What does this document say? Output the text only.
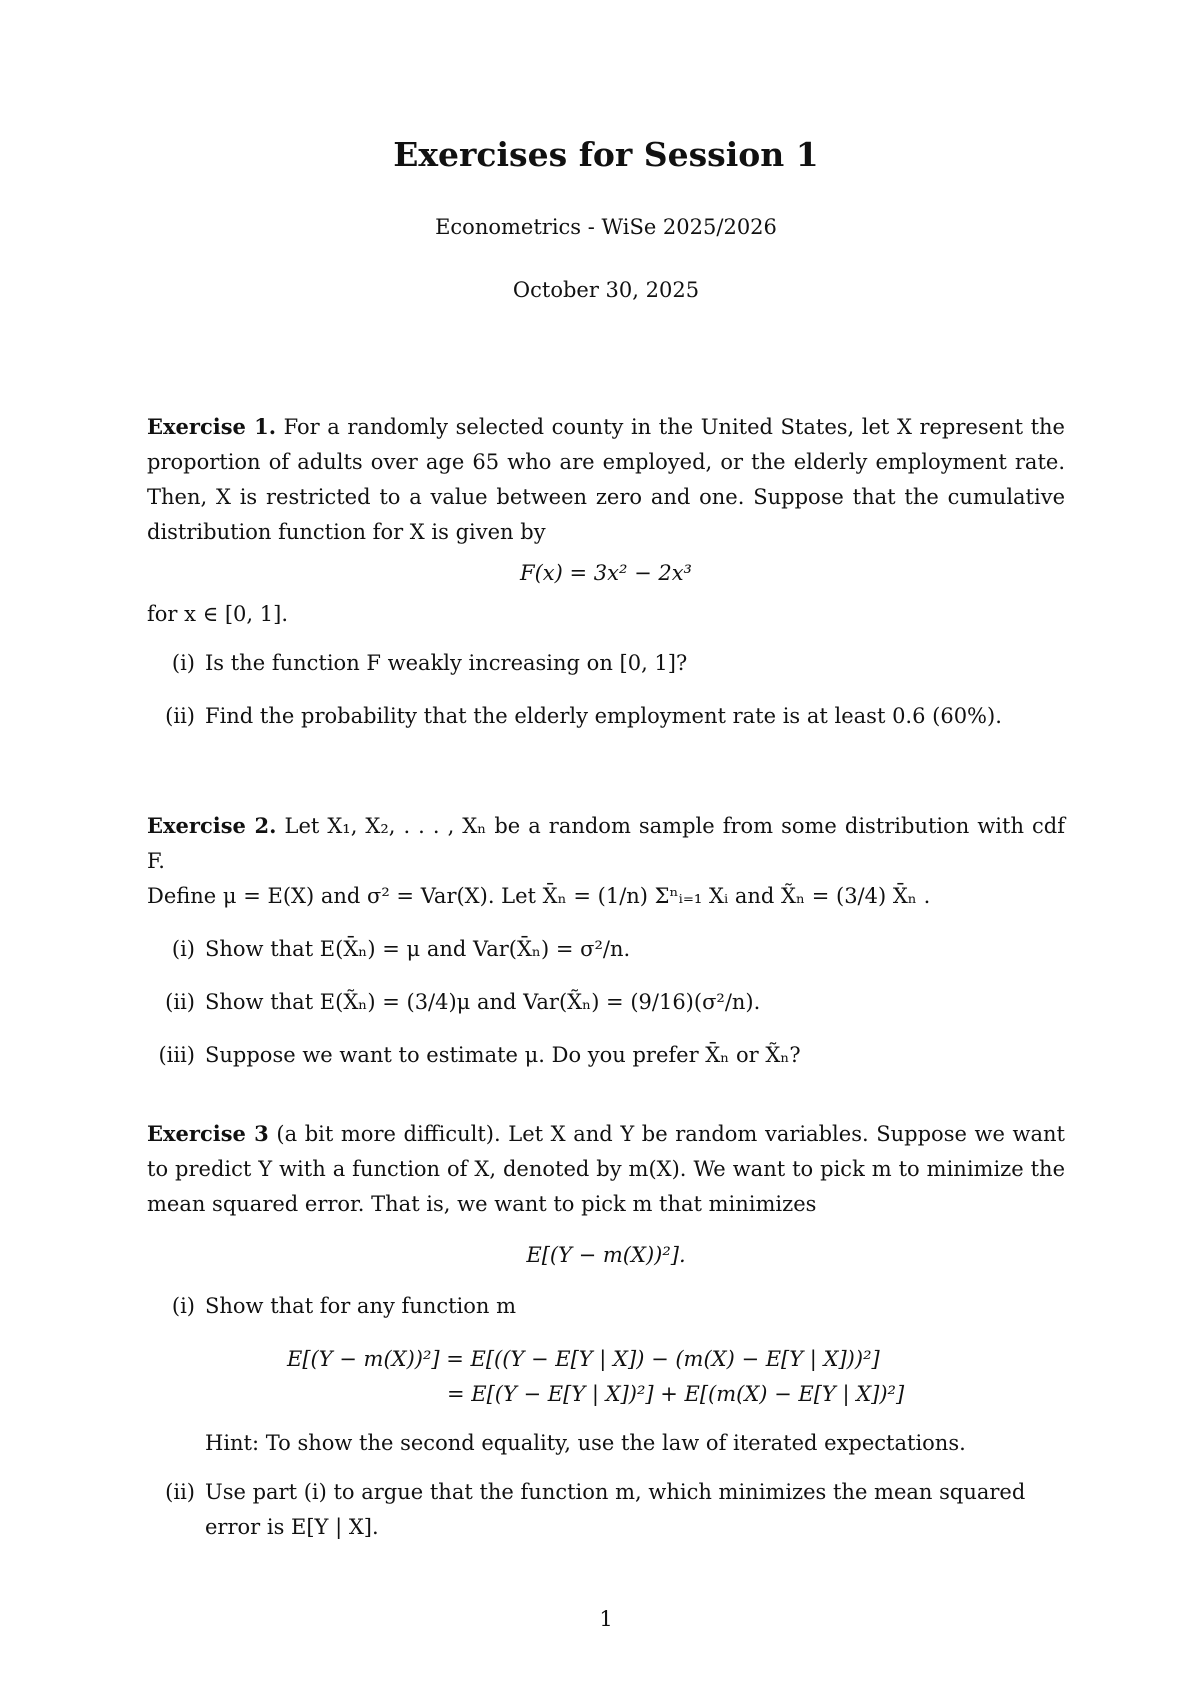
Exercises for Session 1
Econometrics - WiSe 2025/2026
October 30, 2025

Exercise 1. For a randomly selected county in the United States, let X represent the proportion of adults over age 65 who are employed, or the elderly employment rate. Then, X is restricted to a value between zero and one. Suppose that the cumulative distribution function for X is given by

F(x) = 3x² − 2x³

for x ∈ [0, 1].

(i) Is the function F weakly increasing on [0, 1]?
(ii) Find the probability that the elderly employment rate is at least 0.6 (60%).

Exercise 2. Let X₁, X₂, . . . , Xₙ be a random sample from some distribution with cdf F.
Define μ = E(X) and σ² = Var(X). Let X̄ₙ = (1/n) Σⁿᵢ₌₁ Xᵢ and X̃ₙ = (3/4) X̄ₙ .

(i) Show that E(X̄ₙ) = μ and Var(X̄ₙ) = σ²/n.
(ii) Show that E(X̃ₙ) = (3/4)μ and Var(X̃ₙ) = (9/16)(σ²/n).
(iii) Suppose we want to estimate μ. Do you prefer X̄ₙ or X̃ₙ?

Exercise 3 (a bit more difficult). Let X and Y be random variables. Suppose we want to predict Y with a function of X, denoted by m(X). We want to pick m to minimize the mean squared error. That is, we want to pick m that minimizes

E[(Y − m(X))²].
(i) Show that for any function m
E[(Y − m(X))²] = E[((Y − E[Y | X]) − (m(X) − E[Y | X]))²]
= E[(Y − E[Y | X])²] + E[(m(X) − E[Y | X])²]
Hint: To show the second equality, use the law of iterated expectations.
(ii) Use part (i) to argue that the function m, which minimizes the mean squared error is E[Y | X].
1
